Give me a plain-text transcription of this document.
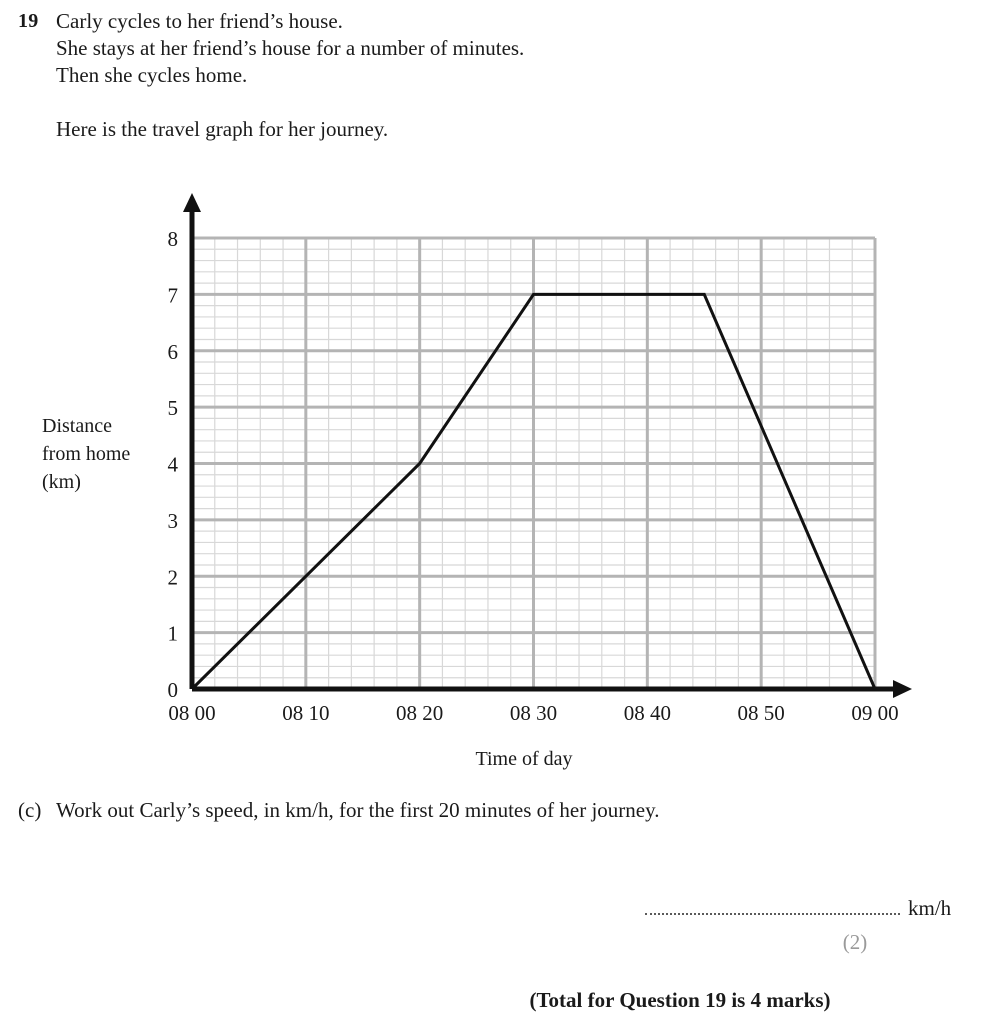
19 Carly cycles to her friend’s house.
She stays at her friend’s house for a number of minutes.
Then she cycles home.
Here is the travel graph for her journey.
Distance
from home
(km)
0
1
2
3
4
5
6
7
8
08 00	08 10	08 20	08 30	08 40	08 50	09 00
Time of day
(c) Work out Carly’s speed, in km/h, for the first 20 minutes of her journey.
km/h
(2)
(Total for Question 19 is 4 marks)
